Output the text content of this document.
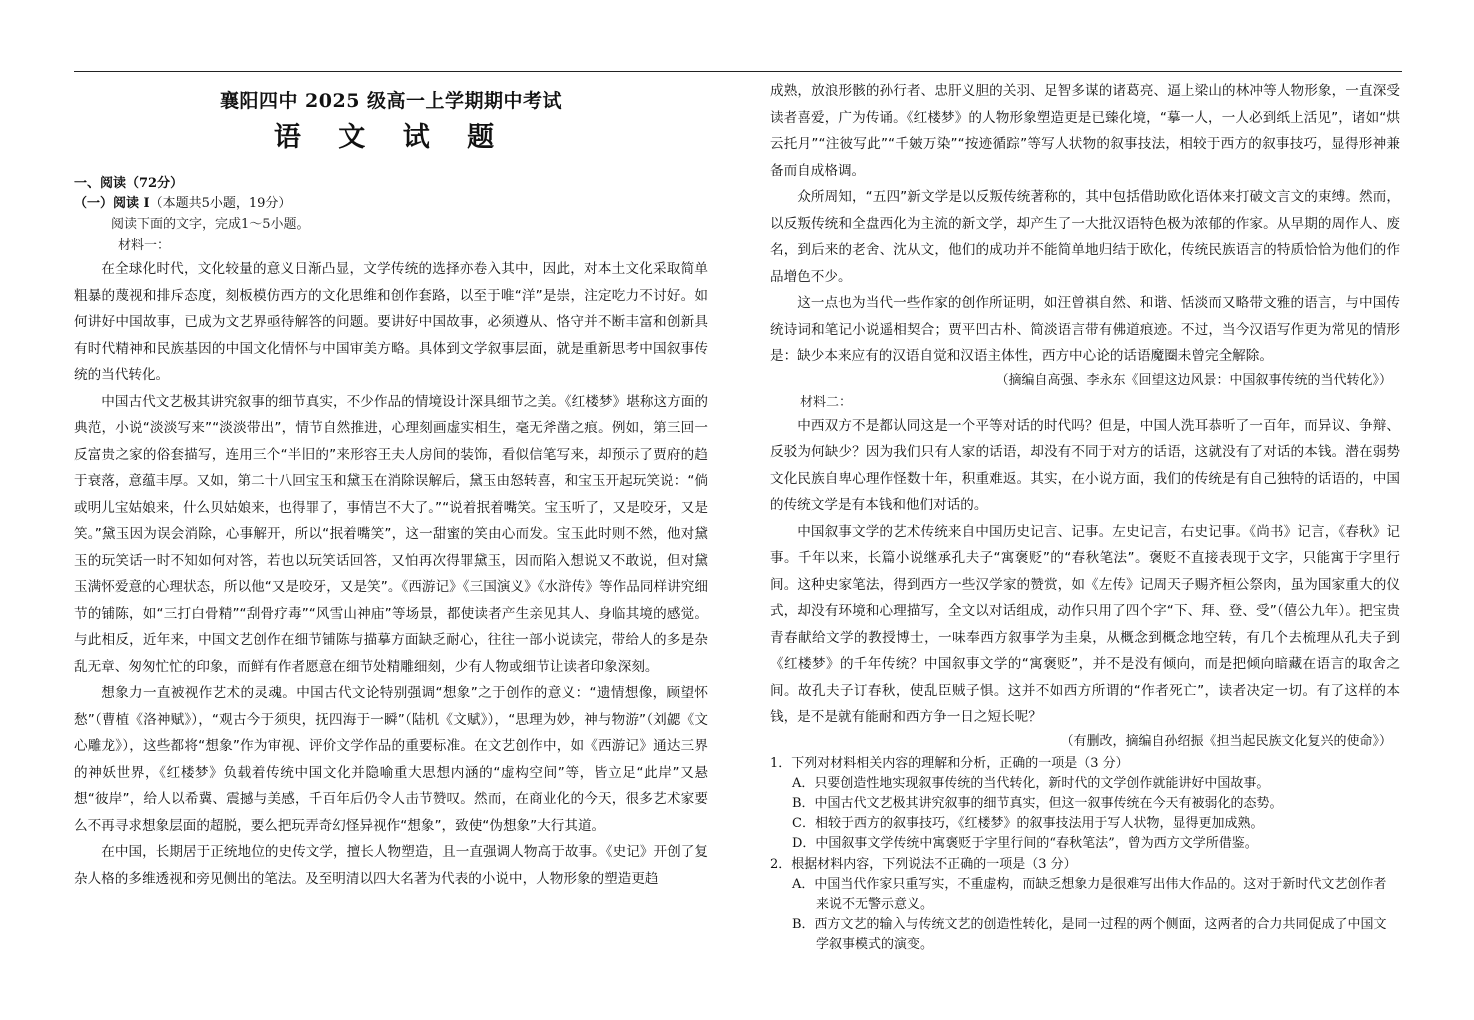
襄阳四中 2025 级高一上学期期中考试
语 文 试 题
一、阅读（72分）
（一）阅读 I（本题共5小题，19分）
阅读下面的文字，完成1～5小题。
材料一：

在全球化时代，文化较量的意义日渐凸显，文学传统的选择亦卷入其中，因此，对本土文化采取简单粗暴的蔑视和排斥态度，刻板模仿西方的文化思维和创作套路，以至于唯“洋”是崇，注定吃力不讨好。如何讲好中国故事，已成为文艺界亟待解答的问题。要讲好中国故事，必须遵从、恪守并不断丰富和创新具有时代精神和民族基因的中国文化情怀与中国审美方略。具体到文学叙事层面，就是重新思考中国叙事传统的当代转化。

中国古代文艺极其讲究叙事的细节真实，不少作品的情境设计深具细节之美。《红楼梦》堪称这方面的典范，小说“淡淡写来”“淡淡带出”，情节自然推进，心理刻画虚实相生，毫无斧凿之痕。例如，第三回一反富贵之家的俗套描写，连用三个“半旧的”来形容王夫人房间的装饰，看似信笔写来，却预示了贾府的趋于衰落，意蕴丰厚。又如，第二十八回宝玉和黛玉在消除误解后，黛玉由怒转喜，和宝玉开起玩笑说：“倘或明儿宝姑娘来，什么贝姑娘来，也得罪了，事情岂不大了。”“说着抿着嘴笑。宝玉听了，又是咬牙，又是笑。”黛玉因为误会消除，心事解开，所以“抿着嘴笑”，这一甜蜜的笑由心而发。宝玉此时则不然，他对黛玉的玩笑话一时不知如何对答，若也以玩笑话回答，又怕再次得罪黛玉，因而陷入想说又不敢说，但对黛玉满怀爱意的心理状态，所以他“又是咬牙，又是笑”。《西游记》《三国演义》《水浒传》等作品同样讲究细节的铺陈，如“三打白骨精”“刮骨疗毒”“风雪山神庙”等场景，都使读者产生亲见其人、身临其境的感觉。与此相反，近年来，中国文艺创作在细节铺陈与描摹方面缺乏耐心，往往一部小说读完，带给人的多是杂乱无章、匆匆忙忙的印象，而鲜有作者愿意在细节处精雕细刻，少有人物或细节让读者印象深刻。

想象力一直被视作艺术的灵魂。中国古代文论特别强调“想象”之于创作的意义：“遗情想像，顾望怀愁”（曹植《洛神赋》），“观古今于须臾，抚四海于一瞬”（陆机《文赋》），“思理为妙，神与物游”（刘勰《文心雕龙》），这些都将“想象”作为审视、评价文学作品的重要标准。在文艺创作中，如《西游记》通达三界的神妖世界，《红楼梦》负载着传统中国文化并隐喻重大思想内涵的“虚构空间”等，皆立足“此岸”又悬想“彼岸”，给人以希冀、震撼与美感，千百年后仍令人击节赞叹。然而，在商业化的今天，很多艺术家要么不再寻求想象层面的超脱，要么把玩弄奇幻怪异视作“想象”，致使“伪想象”大行其道。

在中国，长期居于正统地位的史传文学，擅长人物塑造，且一直强调人物高于故事。《史记》开创了复杂人格的多维透视和旁见侧出的笔法。及至明清以四大名著为代表的小说中，人物形象的塑造更趋

成熟，放浪形骸的孙行者、忠肝义胆的关羽、足智多谋的诸葛亮、逼上梁山的林冲等人物形象，一直深受读者喜爱，广为传诵。《红楼梦》的人物形象塑造更是已臻化境，“摹一人，一人必到纸上活见”，诸如“烘云托月”“注彼写此”“千皴万染”“按迹循踪”等写人状物的叙事技法，相较于西方的叙事技巧，显得形神兼备而自成格调。

众所周知，“五四”新文学是以反叛传统著称的，其中包括借助欧化语体来打破文言文的束缚。然而，以反叛传统和全盘西化为主流的新文学，却产生了一大批汉语特色极为浓郁的作家。从早期的周作人、废名，到后来的老舍、沈从文，他们的成功并不能简单地归结于欧化，传统民族语言的特质恰恰为他们的作品增色不少。

这一点也为当代一些作家的创作所证明，如汪曾祺自然、和谐、恬淡而又略带文雅的语言，与中国传统诗词和笔记小说遥相契合；贾平凹古朴、简淡语言带有佛道痕迹。不过，当今汉语写作更为常见的情形是：缺少本来应有的汉语自觉和汉语主体性，西方中心论的话语魔圈未曾完全解除。

（摘编自高强、李永东《回望这边风景：中国叙事传统的当代转化》）
材料二：

中西双方不是都认同这是一个平等对话的时代吗？但是，中国人洗耳恭听了一百年，而异议、争辩、反驳为何缺少？因为我们只有人家的话语，却没有不同于对方的话语，这就没有了对话的本钱。潜在弱势文化民族自卑心理作怪数十年，积重难返。其实，在小说方面，我们的传统是有自己独特的话语的，中国的传统文学是有本钱和他们对话的。

中国叙事文学的艺术传统来自中国历史记言、记事。左史记言，右史记事。《尚书》记言，《春秋》记事。千年以来，长篇小说继承孔夫子“寓褒贬”的“春秋笔法”。褒贬不直接表现于文字，只能寓于字里行间。这种史家笔法，得到西方一些汉学家的赞赏，如《左传》记周天子赐齐桓公祭肉，虽为国家重大的仪式，却没有环境和心理描写，全文以对话组成，动作只用了四个字“下、拜、登、受”（僖公九年）。把宝贵青春献给文学的教授博士，一味奉西方叙事学为圭臬，从概念到概念地空转，有几个去梳理从孔夫子到《红楼梦》的千年传统？中国叙事文学的“寓褒贬”，并不是没有倾向，而是把倾向暗藏在语言的取舍之间。故孔夫子订春秋，使乱臣贼子惧。这并不如西方所谓的“作者死亡”，读者决定一切。有了这样的本钱，是不是就有能耐和西方争一日之短长呢？

（有删改，摘编自孙绍振《担当起民族文化复兴的使命》）
1．下列对材料相关内容的理解和分析，正确的一项是（3 分）
A．只要创造性地实现叙事传统的当代转化，新时代的文学创作就能讲好中国故事。
B．中国古代文艺极其讲究叙事的细节真实，但这一叙事传统在今天有被弱化的态势。
C．相较于西方的叙事技巧，《红楼梦》的叙事技法用于写人状物，显得更加成熟。
D．中国叙事文学传统中寓褒贬于字里行间的“春秋笔法”，曾为西方文学所借鉴。
2．根据材料内容，下列说法不正确的一项是（3 分）
A．中国当代作家只重写实，不重虚构，而缺乏想象力是很难写出伟大作品的。这对于新时代文艺创作者来说不无警示意义。
B．西方文艺的输入与传统文艺的创造性转化，是同一过程的两个侧面，这两者的合力共同促成了中国文学叙事模式的演变。
